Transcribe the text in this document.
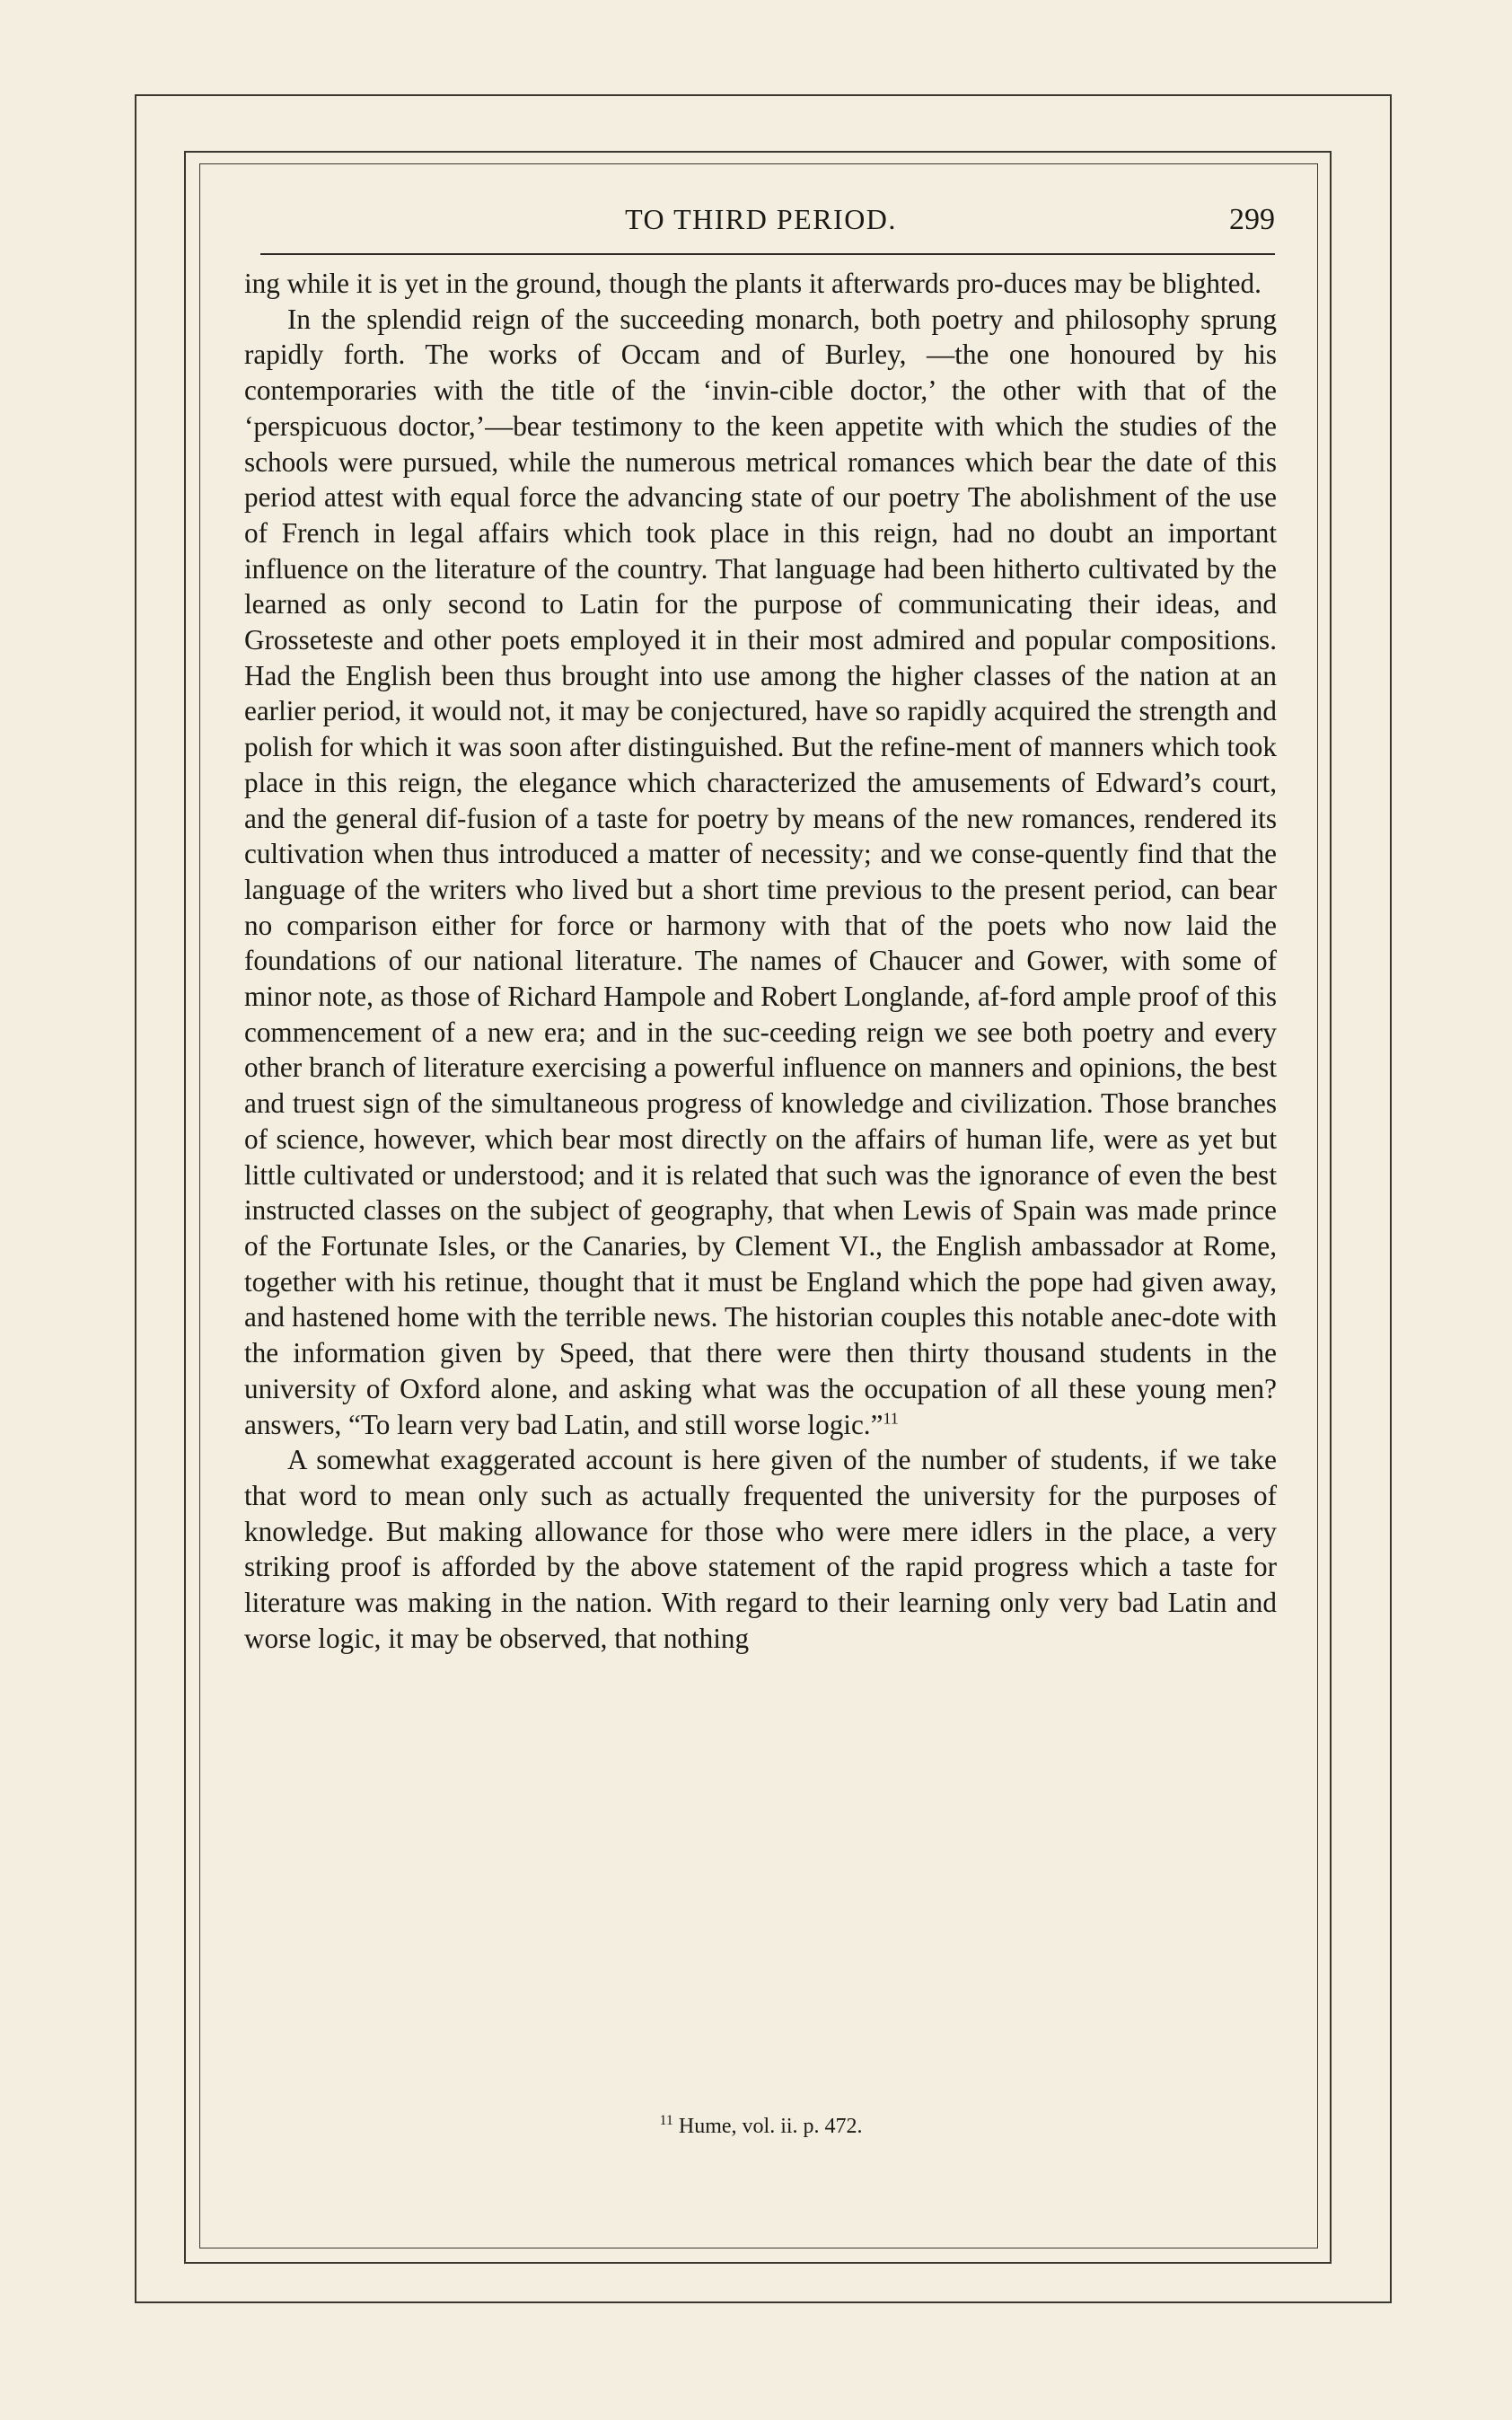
TO THIRD PERIOD.	299

ing while it is yet in the ground, though the plants it afterwards pro-duces may be blighted.

In the splendid reign of the succeeding monarch, both poetry and philosophy sprung rapidly forth. The works of Occam and of Burley, —the one honoured by his contemporaries with the title of the ‘invin-cible doctor,’ the other with that of the ‘perspicuous doctor,’—bear testimony to the keen appetite with which the studies of the schools were pursued, while the numerous metrical romances which bear the date of this period attest with equal force the advancing state of our poetry The abolishment of the use of French in legal affairs which took place in this reign, had no doubt an important influence on the literature of the country. That language had been hitherto cultivated by the learned as only second to Latin for the purpose of communicating their ideas, and Grosseteste and other poets employed it in their most admired and popular compositions. Had the English been thus brought into use among the higher classes of the nation at an earlier period, it would not, it may be conjectured, have so rapidly acquired the strength and polish for which it was soon after distinguished. But the refine-ment of manners which took place in this reign, the elegance which characterized the amusements of Edward’s court, and the general dif-fusion of a taste for poetry by means of the new romances, rendered its cultivation when thus introduced a matter of necessity; and we conse-quently find that the language of the writers who lived but a short time previous to the present period, can bear no comparison either for force or harmony with that of the poets who now laid the foundations of our national literature. The names of Chaucer and Gower, with some of minor note, as those of Richard Hampole and Robert Longlande, af-ford ample proof of this commencement of a new era; and in the suc-ceeding reign we see both poetry and every other branch of literature exercising a powerful influence on manners and opinions, the best and truest sign of the simultaneous progress of knowledge and civilization. Those branches of science, however, which bear most directly on the affairs of human life, were as yet but little cultivated or understood; and it is related that such was the ignorance of even the best instructed classes on the subject of geography, that when Lewis of Spain was made prince of the Fortunate Isles, or the Canaries, by Clement VI., the English ambassador at Rome, together with his retinue, thought that it must be England which the pope had given away, and hastened home with the terrible news. The historian couples this notable anec-dote with the information given by Speed, that there were then thirty thousand students in the university of Oxford alone, and asking what was the occupation of all these young men? answers, “To learn very bad Latin, and still worse logic.”$^{11}$

A somewhat exaggerated account is here given of the number of students, if we take that word to mean only such as actually frequented the university for the purposes of knowledge. But making allowance for those who were mere idlers in the place, a very striking proof is afforded by the above statement of the rapid progress which a taste for literature was making in the nation. With regard to their learning only very bad Latin and worse logic, it may be observed, that nothing

$^{11}$ Hume, vol. ii. p. 472.
